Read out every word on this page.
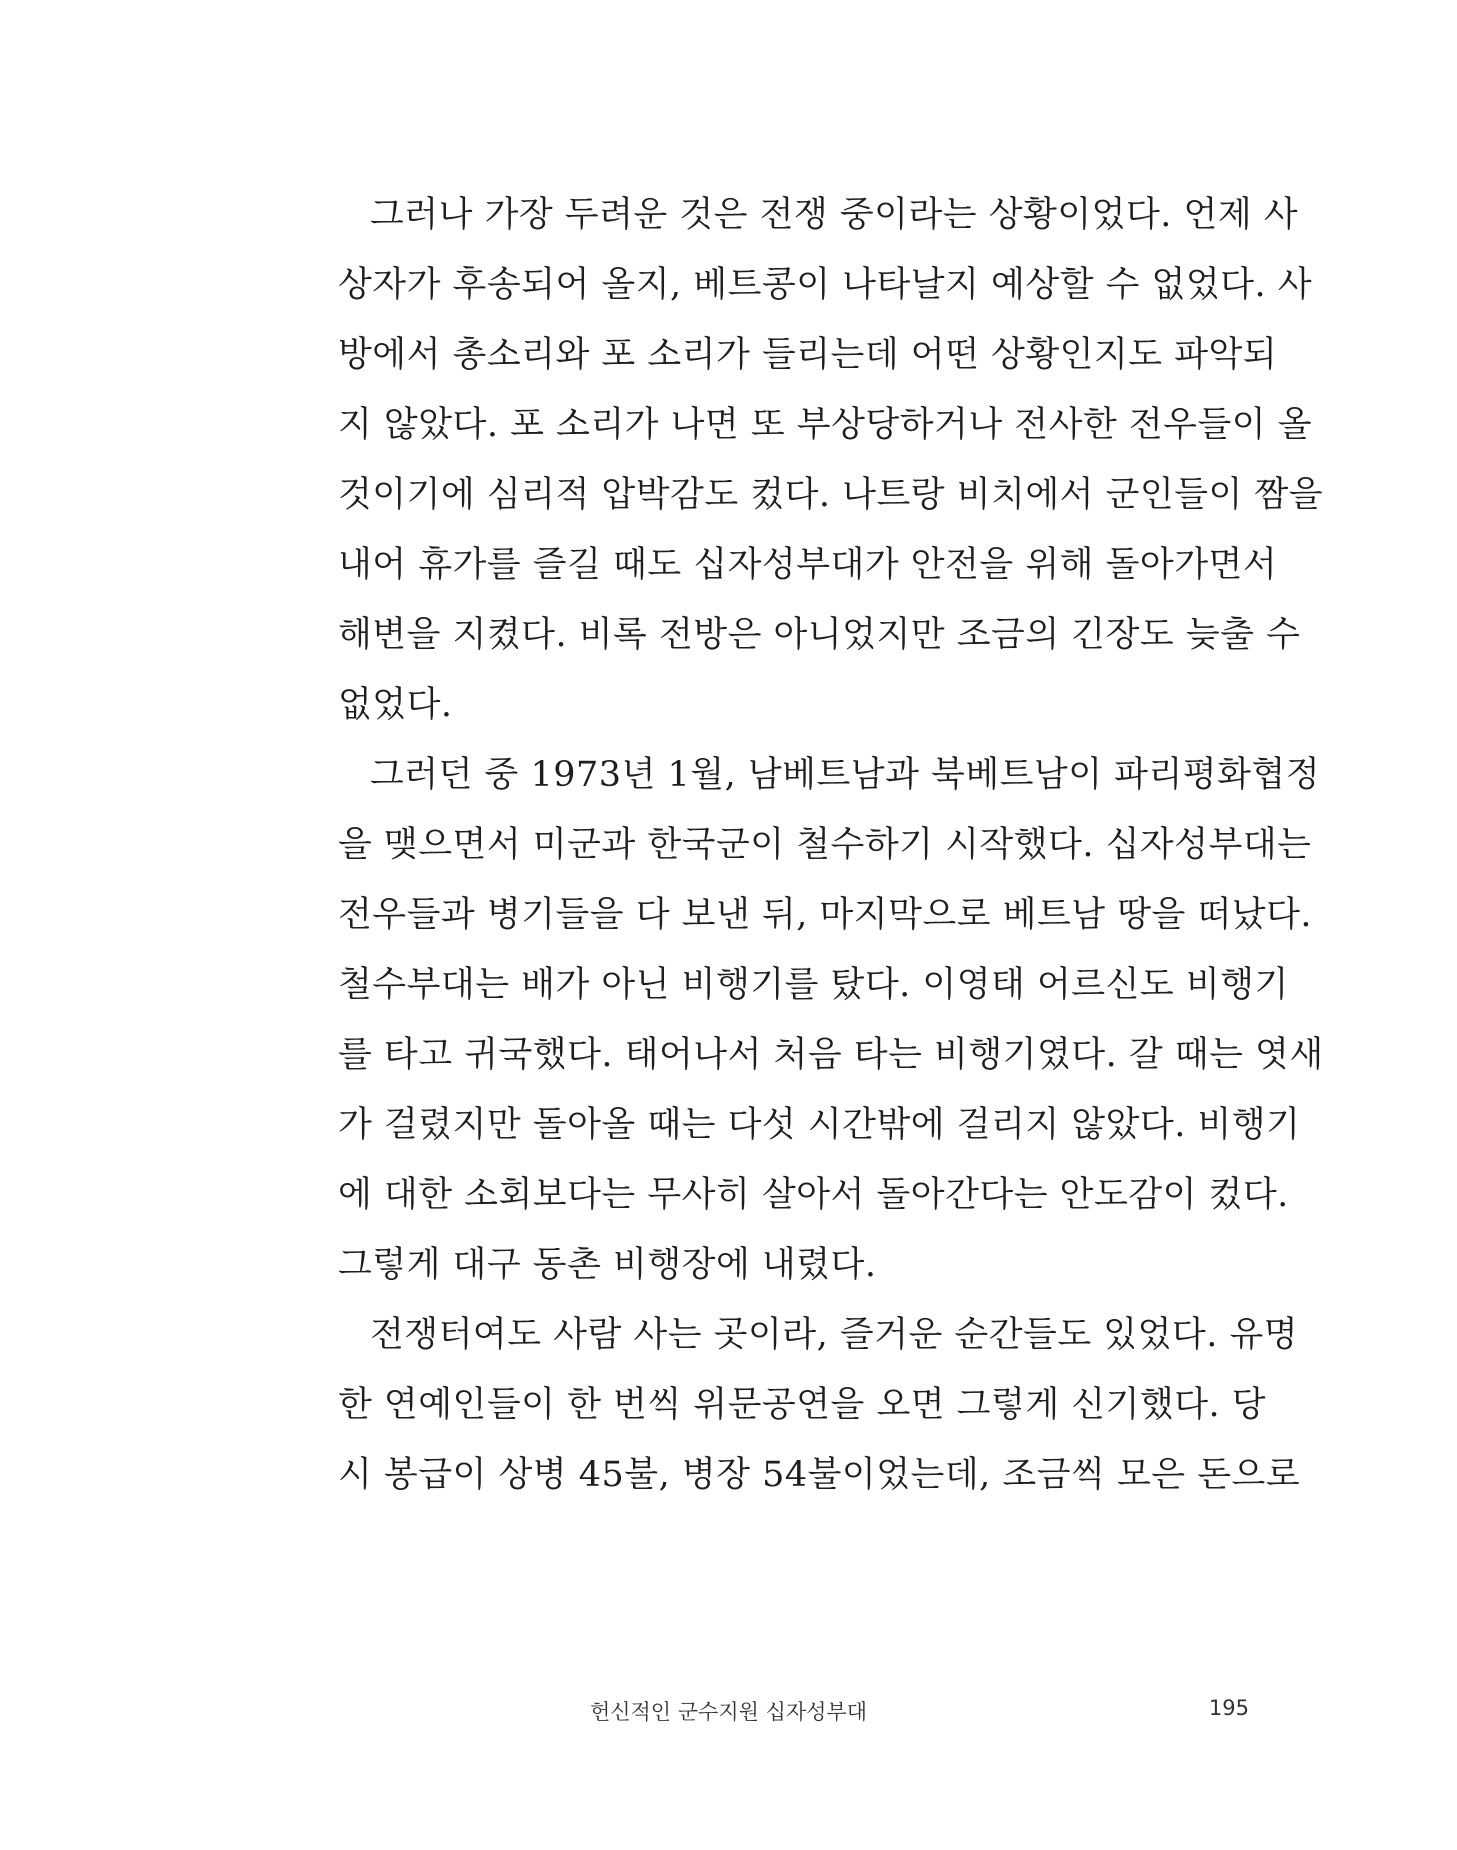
그러나 가장 두려운 것은 전쟁 중이라는 상황이었다. 언제 사
상자가 후송되어 올지, 베트콩이 나타날지 예상할 수 없었다. 사
방에서 총소리와 포 소리가 들리는데 어떤 상황인지도 파악되
지 않았다. 포 소리가 나면 또 부상당하거나 전사한 전우들이 올
것이기에 심리적 압박감도 컸다. 나트랑 비치에서 군인들이 짬을
내어 휴가를 즐길 때도 십자성부대가 안전을 위해 돌아가면서
해변을 지켰다. 비록 전방은 아니었지만 조금의 긴장도 늦출 수
없었다.
그러던 중 1973년 1월, 남베트남과 북베트남이 파리평화협정
을 맺으면서 미군과 한국군이 철수하기 시작했다. 십자성부대는
전우들과 병기들을 다 보낸 뒤, 마지막으로 베트남 땅을 떠났다.
철수부대는 배가 아닌 비행기를 탔다. 이영태 어르신도 비행기
를 타고 귀국했다. 태어나서 처음 타는 비행기였다. 갈 때는 엿새
가 걸렸지만 돌아올 때는 다섯 시간밖에 걸리지 않았다. 비행기
에 대한 소회보다는 무사히 살아서 돌아간다는 안도감이 컸다.
그렇게 대구 동촌 비행장에 내렸다.
전쟁터여도 사람 사는 곳이라, 즐거운 순간들도 있었다. 유명
한 연예인들이 한 번씩 위문공연을 오면 그렇게 신기했다. 당
시 봉급이 상병 45불, 병장 54불이었는데, 조금씩 모은 돈으로
헌신적인 군수지원 십자성부대	195
